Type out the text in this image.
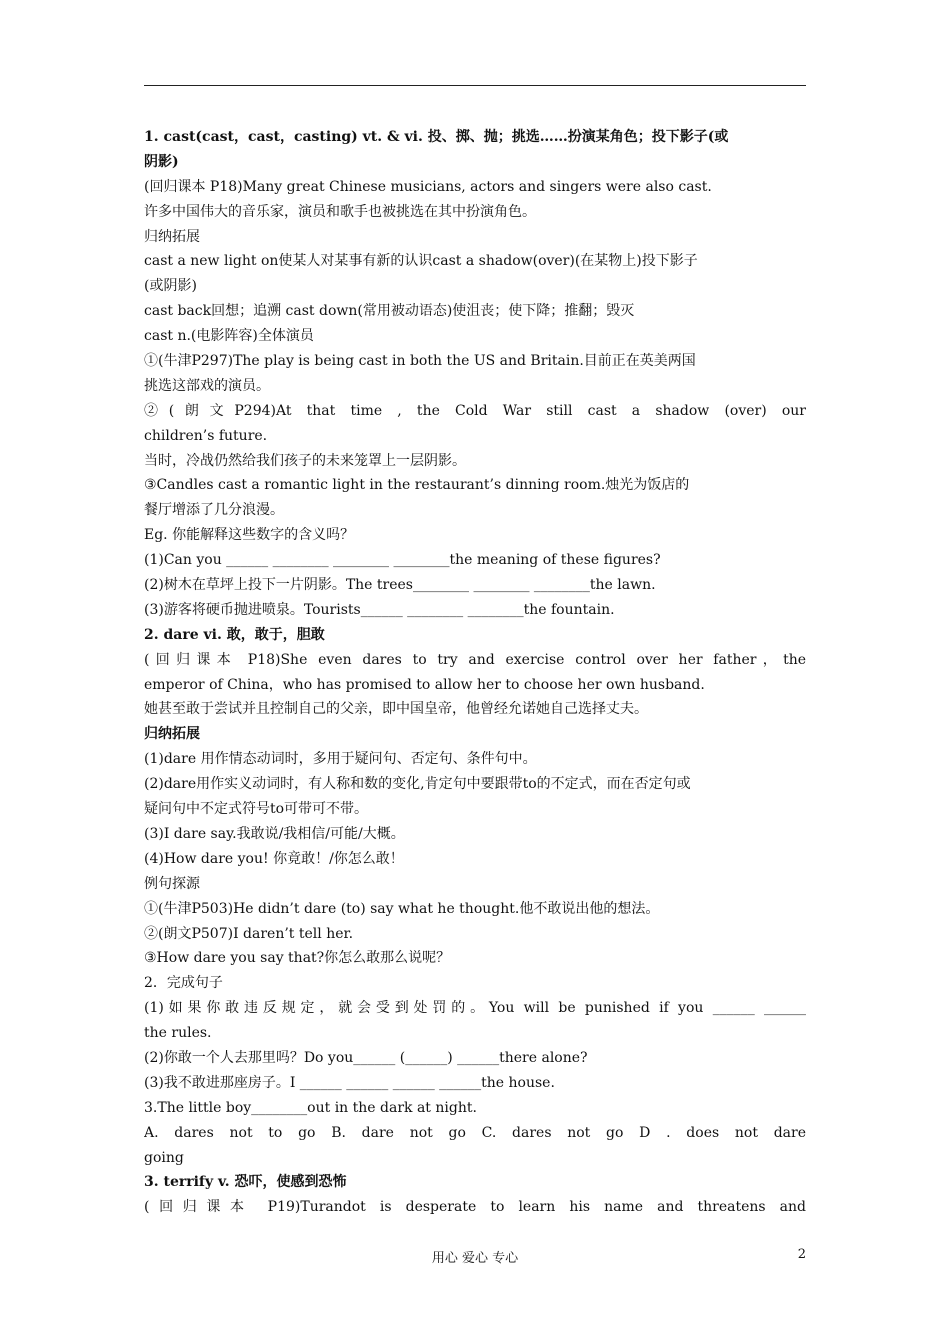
1. cast(cast，cast，casting) vt. & vi. 投、掷、抛；挑选……扮演某角色；投下影子(或
阴影)
(回归课本 P18)Many great Chinese musicians, actors and singers were also cast.
许多中国伟大的音乐家，演员和歌手也被挑选在其中扮演角色。
归纳拓展
cast a new light on使某人对某事有新的认识cast a shadow(over)(在某物上)投下影子
(或阴影)
cast back回想；追溯 cast down(常用被动语态)使沮丧；使下降；推翻；毁灭
cast n.(电影阵容)全体演员
①(牛津P297)The play is being cast in both the US and Britain.目前正在英美两国
挑选这部戏的演员。
②(朗文P294)At that time , the Cold War still cast a shadow (over) our
children’s future.
当时，冷战仍然给我们孩子的未来笼罩上一层阴影。
③Candles cast a romantic light in the restaurant’s dinning room.烛光为饭店的
餐厅增添了几分浪漫。
Eg. 你能解释这些数字的含义吗？
(1)Can you ______ ________ ________ ________the meaning of these figures?
(2)树木在草坪上投下一片阴影。The trees________ ________ ________the lawn.
(3)游客将硬币抛进喷泉。Tourists______ ________ ________the fountain.
2. dare vi. 敢，敢于，胆敢
(回归课本 P18)She even dares to try and exercise control over her father，the
emperor of China，who has promised to allow her to choose her own husband.
她甚至敢于尝试并且控制自己的父亲，即中国皇帝，他曾经允诺她自己选择丈夫。
归纳拓展
(1)dare 用作情态动词时，多用于疑问句、否定句、条件句中。
(2)dare用作实义动词时，有人称和数的变化,肯定句中要跟带to的不定式，而在否定句或
疑问句中不定式符号to可带可不带。
(3)I dare say.我敢说/我相信/可能/大概。
(4)How dare you! 你竟敢！/你怎么敢！
例句探源
①(牛津P503)He didn’t dare (to) say what he thought.他不敢说出他的想法。
②(朗文P507)I daren’t tell her.
③How dare you say that?你怎么敢那么说呢？
2．完成句子
(1)如果你敢违反规定，就会受到处罚的。You will be punished if you ______ ______
the rules.
(2)你敢一个人去那里吗？Do you______ (______) ______there alone?
(3)我不敢进那座房子。I ______ ______ ______ ______the house.
3.The little boy________out in the dark at night.
A. dares not to go B. dare not go C. dares not go D . does not dare
going
3. terrify v. 恐吓，使感到恐怖
(回归课本 P19)Turandot is desperate to learn his name and threatens and
用心 爱心 专心	2
